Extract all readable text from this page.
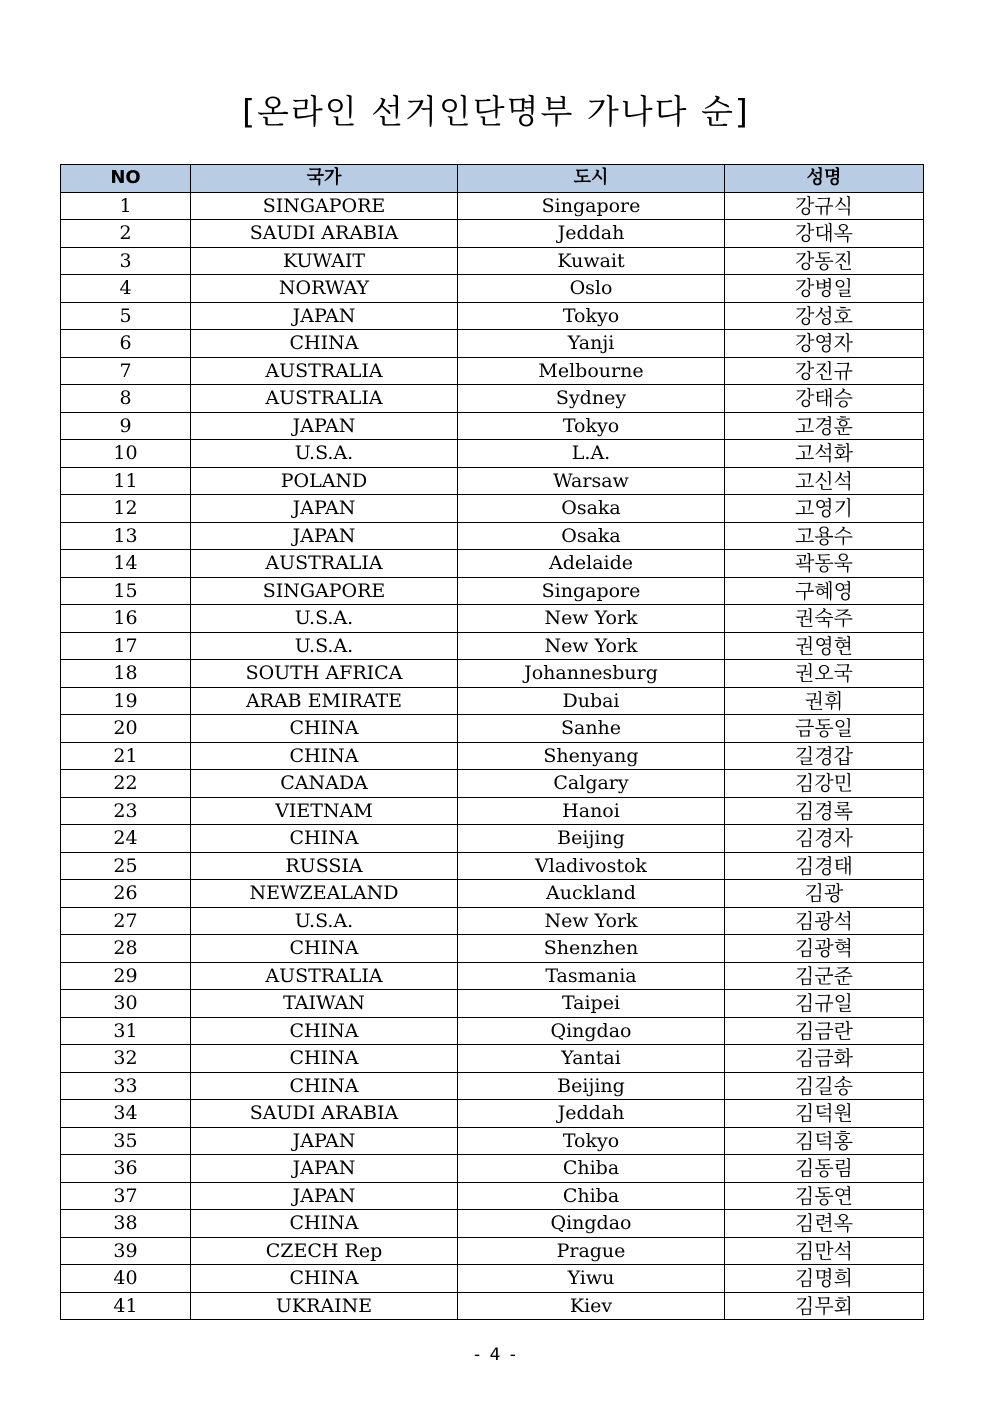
[온라인 선거인단명부 가나다 순]
NO	국가	도시	성명
1	SINGAPORE	Singapore	강규식
2	SAUDI ARABIA	Jeddah	강대옥
3	KUWAIT	Kuwait	강동진
4	NORWAY	Oslo	강병일
5	JAPAN	Tokyo	강성호
6	CHINA	Yanji	강영자
7	AUSTRALIA	Melbourne	강진규
8	AUSTRALIA	Sydney	강태승
9	JAPAN	Tokyo	고경훈
10	U.S.A.	L.A.	고석화
11	POLAND	Warsaw	고신석
12	JAPAN	Osaka	고영기
13	JAPAN	Osaka	고용수
14	AUSTRALIA	Adelaide	곽동욱
15	SINGAPORE	Singapore	구혜영
16	U.S.A.	New York	권숙주
17	U.S.A.	New York	권영현
18	SOUTH AFRICA	Johannesburg	권오국
19	ARAB EMIRATE	Dubai	권휘
20	CHINA	Sanhe	금동일
21	CHINA	Shenyang	길경갑
22	CANADA	Calgary	김강민
23	VIETNAM	Hanoi	김경록
24	CHINA	Beijing	김경자
25	RUSSIA	Vladivostok	김경태
26	NEWZEALAND	Auckland	김광
27	U.S.A.	New York	김광석
28	CHINA	Shenzhen	김광혁
29	AUSTRALIA	Tasmania	김군준
30	TAIWAN	Taipei	김규일
31	CHINA	Qingdao	김금란
32	CHINA	Yantai	김금화
33	CHINA	Beijing	김길송
34	SAUDI ARABIA	Jeddah	김덕원
35	JAPAN	Tokyo	김덕홍
36	JAPAN	Chiba	김동림
37	JAPAN	Chiba	김동연
38	CHINA	Qingdao	김련옥
39	CZECH Rep	Prague	김만석
40	CHINA	Yiwu	김명희
41	UKRAINE	Kiev	김무회
- 4 -
